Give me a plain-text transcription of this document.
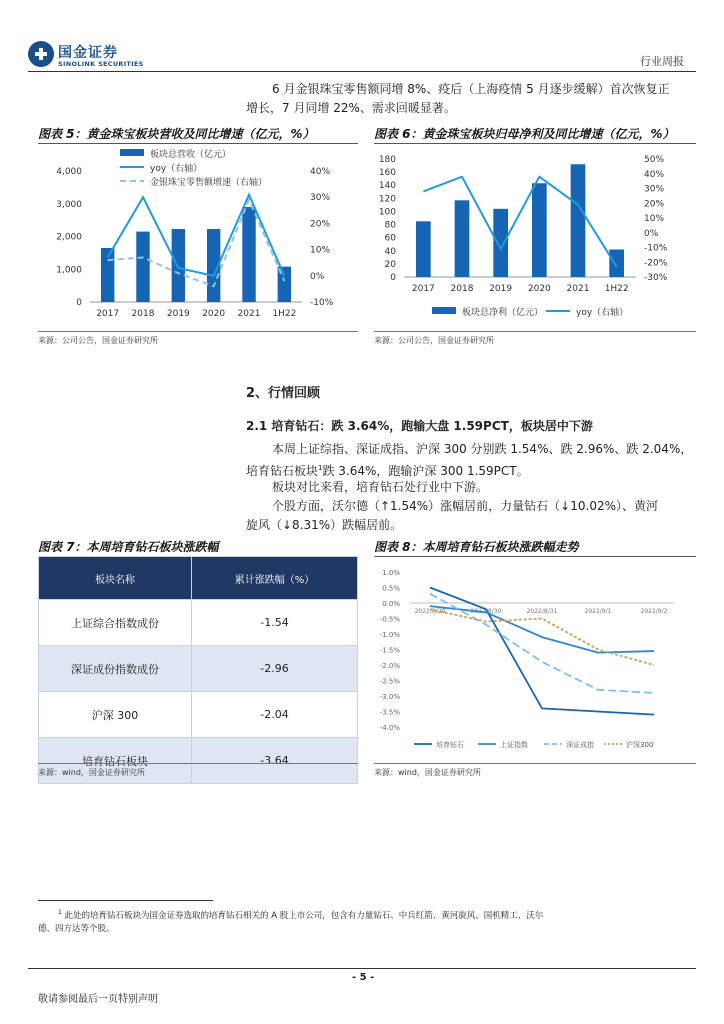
国金证券
SINOLINK SECURITIES	行业周报
6 月金银珠宝零售额同增 8%、疫后（上海疫情 5 月逐步缓解）首次恢复正
增长，7 月同增 22%、需求回暖显著。
图表 5：黄金珠宝板块营收及同比增速（亿元，%）	图表 6：黄金珠宝板块归母净利及同比增速（亿元，%）
0
1,000
2,000
3,000
4,000
-10%
0%
10%
20%
30%
40%
2017 2018 2019 2020 2021 1H22
板块总营收（亿元）
yoy（右轴）
金银珠宝零售额增速（右轴）
来源：公司公告，国金证券研究所
0
20
40
60
80
100
120
140
160
180
-30%
-20%
-10%
0%
10%
20%
30%
40%
50%
2017 2018 2019 2020 2021 1H22
板块总净利（亿元）	yoy（右轴）
来源：公司公告，国金证券研究所
2、行情回顾
2.1 培育钻石：跌 3.64%，跑输大盘 1.59PCT，板块居中下游
本周上证综指、深证成指、沪深 300 分别跌 1.54%、跌 2.96%、跌 2.04%，
培育钻石板块$^1$跌 3.64%，跑输沪深 300 1.59PCT。
板块对比来看，培育钻石处行业中下游。
个股方面，沃尔德（↑1.54%）涨幅居前，力量钻石（↓10.02%）、黄河
旋风（↓8.31%）跌幅居前。
图表 7：本周培育钻石板块涨跌幅	图表 8：本周培育钻石板块涨跌幅走势
板块名称	累计涨跌幅（%）
上证综合指数成份	-1.54
深证成份指数成份	-2.96
沪深 300	-2.04
培育钻石板块	-3.64
来源：wind，国金证券研究所
1.0%
0.5%
0.0%
-0.5%
-1.0%
-1.5%
-2.0%
-2.5%
-3.0%
-3.5%
-4.0%
2022/8/29	2022/8/30	2022/8/31	2022/9/1	2022/9/2
培育钻石	上证指数	深证成指	沪深300
来源：wind，国金证券研究所
$^1$ 此处的培育钻石板块为国金证券选取的培育钻石相关的 A 股上市公司，包含有力量钻石、中兵红箭、黄河旋风、国机精工、沃尔
德、四方达等个股。
- 5 -
敬请参阅最后一页特别声明
